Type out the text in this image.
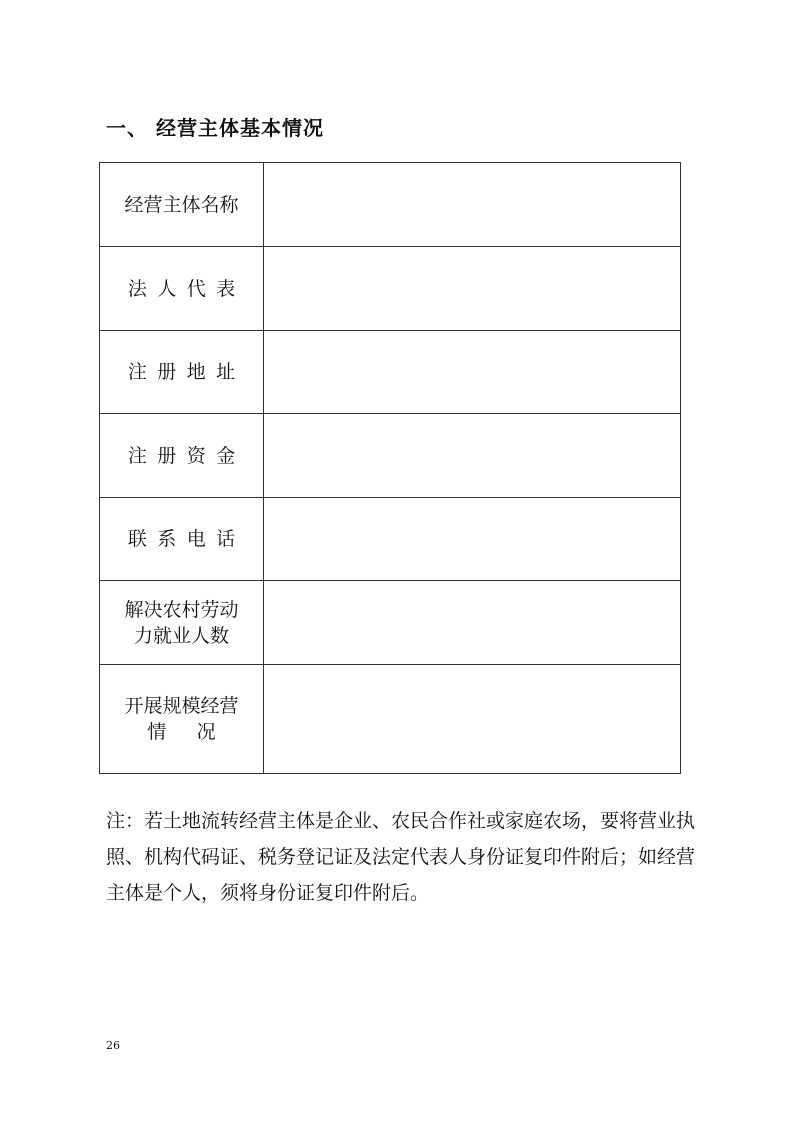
一、 经营主体基本情况
经营主体名称	

法人代表	

注册地址	

注册资金	

联系电话	

解决农村劳动
力就业人数	

开展规模经营
情况	

注：若土地流转经营主体是企业、农民合作社或家庭农场，要将营业执照、机构代码证、税务登记证及法定代表人身份证复印件附后；如经营主体是个人，须将身份证复印件附后。

26
